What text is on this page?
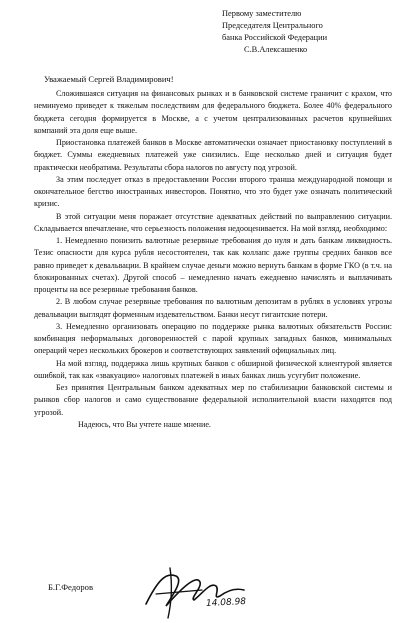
Первому заместителю
Председателя Центрального
банка Российской Федерации
С.В.Алексашенко
Уважаемый Сергей Владимирович!

Сложившаяся ситуация на финансовых рынках и в банковской системе граничит с крахом, что неминуемо приведет к тяжелым последствиям для федерального бюджета. Более 40% федерального бюджета сегодня формируется в Москве, а с учетом централизованных расчетов крупнейших компаний эта доля еще выше.

Приостановка платежей банков в Москве автоматически означает приостановку поступлений в бюджет. Суммы ежедневных платежей уже снизились. Еще несколько дней и ситуация будет практически необратима. Результаты сбора налогов по августу под угрозой.

За этим последует отказ в предоставлении России второго транша международной помощи и окончательное бегство иностранных инвесторов. Понятно, что это будет уже означать политический кризис.

В этой ситуации меня поражает отсутствие адекватных действий по выправлению ситуации. Складывается впечатление, что серьезность положения недооценивается. На мой взгляд, необходимо:

1. Немедленно понизить валютные резервные требования до нуля и дать банкам ликвидность. Тезис опасности для курса рубля несостоятелен, так как коллапс даже группы средних банков все равно приведет к девальвации. В крайнем случае деньги можно вернуть банкам в форме ГКО (в т.ч. на блокированных счетах). Другой способ – немедленно начать ежедневно начислять и выплачивать проценты на все резервные требования банков.

2. В любом случае резервные требования по валютным депозитам в рублях в условиях угрозы девальвации выглядят форменным издевательством. Банки несут гигантские потери.

3. Немедленно организовать операцию по поддержке рынка валютных обязательств России: комбинация неформальных договоренностей с парой крупных западных банков, минимальных операций через нескольких брокеров и соответствующих заявлений официальных лиц.

На мой взгляд, поддержка лишь крупных банков с обширной физической клиентурой является ошибкой, так как «звакуацию» налоговых платежей в иных банках лишь усугубит положение.

Без принятия Центральным банком адекватных мер по стабилизации банковской системы и рынков сбор налогов и само существование федеральной исполнительной власти находятся под угрозой.

Надеюсь, что Вы учтете наше мнение.

Б.Г.Федоров
14.08.98
